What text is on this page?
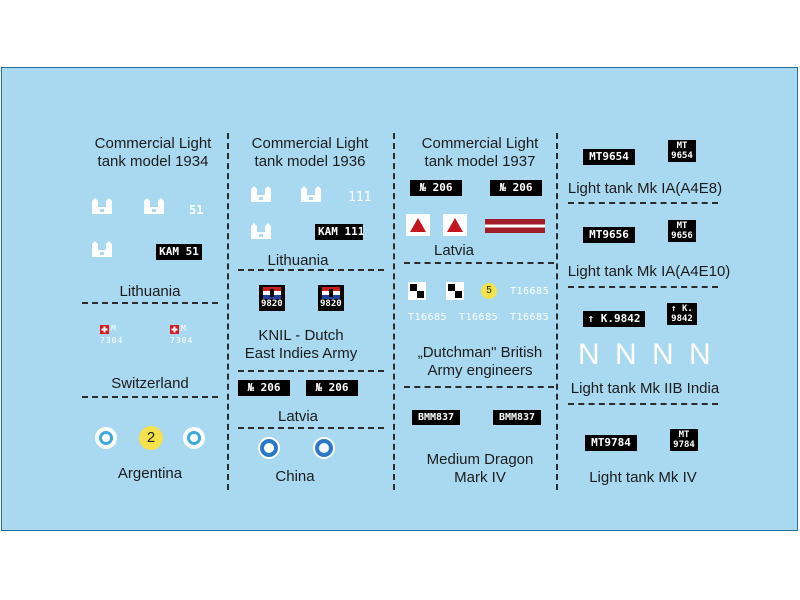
Commercial Light
tank model 1934
51
KAM 51
Lithuania
M
7304
M
7304
Switzerland
2
Argentina
Commercial Light
tank model 1936
111
KAM 111
Lithuania
9820	9820
KNIL - Dutch
East Indies Army
№ 206	№ 206
Latvia
China
Commercial Light
tank model 1937
№ 206	№ 206
Latvia
5	T16685
T16685 T16685 T16685
„Dutchman" British
Army engineers
BMM837	BMM837
Medium Dragon
Mark IV
MT9654
MT
9654
Light tank Mk IA(A4E8)
MT9656
MT
9656
Light tank Mk IA(A4E10)
↑ K.9842
↑ K.
9842
N N N N
Light tank Mk IIB India
MT9784
MT
9784
Light tank Mk IV
